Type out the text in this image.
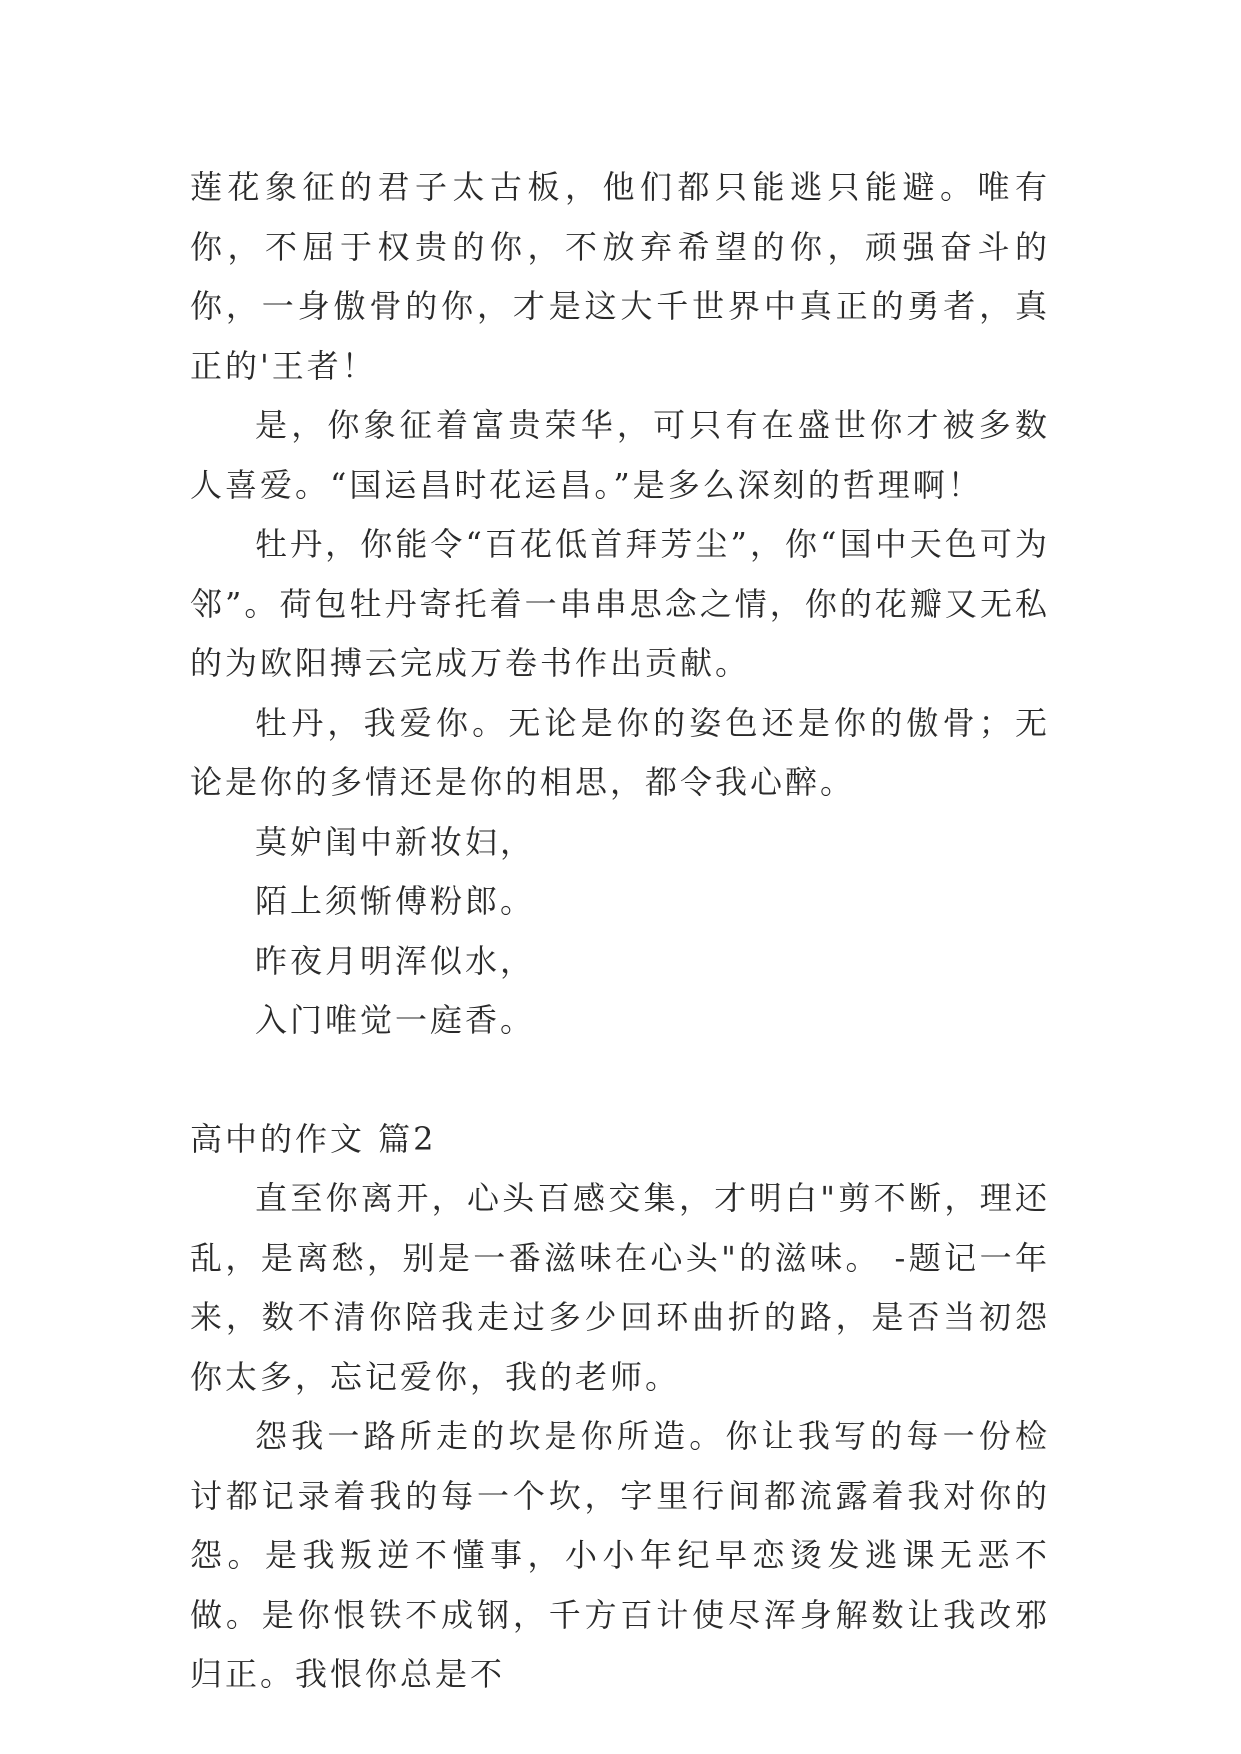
莲花象征的君子太古板，他们都只能逃只能避。唯有你，不屈于权贵的你，不放弃希望的你，顽强奋斗的你，一身傲骨的你，才是这大千世界中真正的勇者，真正的'王者！

是，你象征着富贵荣华，可只有在盛世你才被多数人喜爱。“国运昌时花运昌。”是多么深刻的哲理啊！

牡丹，你能令“百花低首拜芳尘”，你“国中天色可为邻”。荷包牡丹寄托着一串串思念之情，你的花瓣又无私的为欧阳搏云完成万卷书作出贡献。

牡丹，我爱你。无论是你的姿色还是你的傲骨；无论是你的多情还是你的相思，都令我心醉。

莫妒闺中新妆妇，

陌上须惭傅粉郎。

昨夜月明浑似水，

入门唯觉一庭香。

高中的作文 篇2

直至你离开，心头百感交集，才明白"剪不断，理还乱，是离愁，别是一番滋味在心头"的滋味。 -题记一年来，数不清你陪我走过多少回环曲折的路，是否当初怨你太多，忘记爱你，我的老师。

怨我一路所走的坎是你所造。你让我写的每一份检讨都记录着我的每一个坎，字里行间都流露着我对你的怨。是我叛逆不懂事，小小年纪早恋烫发逃课无恶不做。是你恨铁不成钢，千方百计使尽浑身解数让我改邪归正。我恨你总是不
